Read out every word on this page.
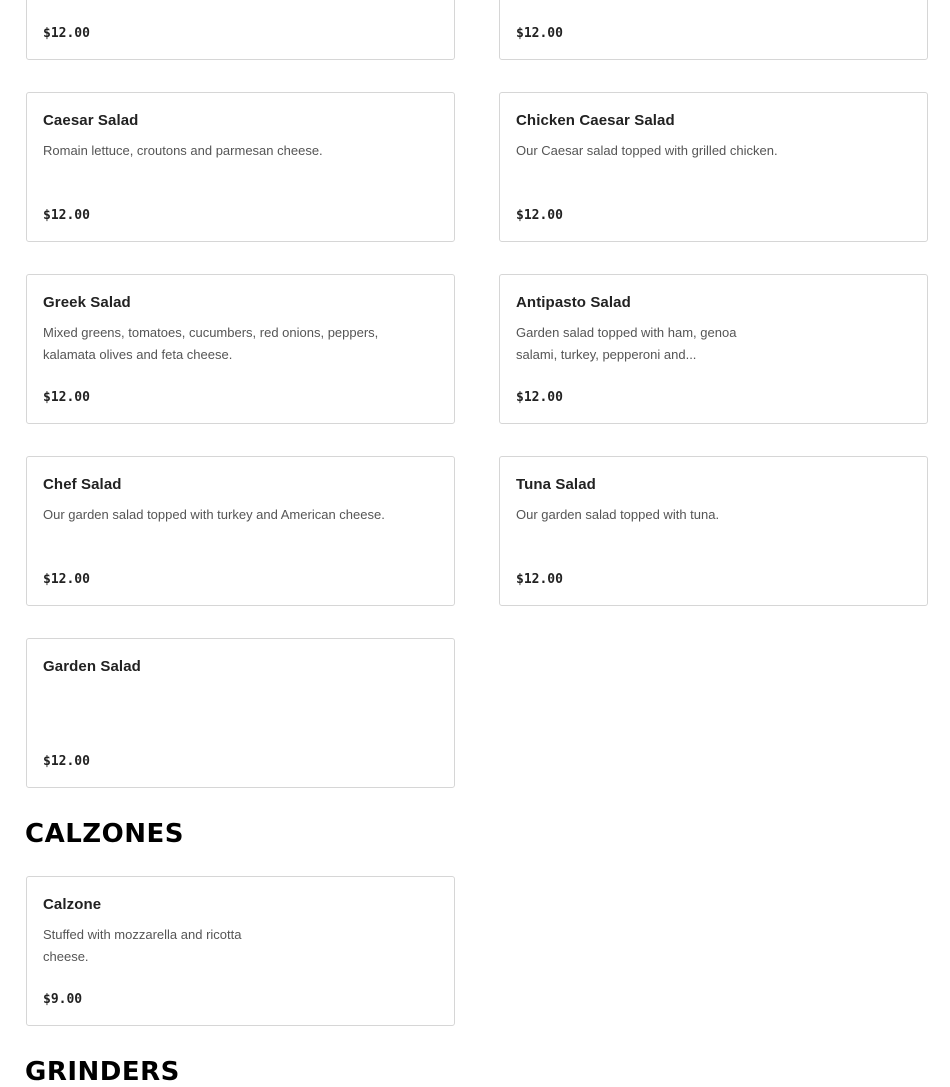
$12.00	$12.00
Caesar Salad
Romain lettuce, croutons and parmesan cheese.
$12.00
Chicken Caesar Salad
Our Caesar salad topped with grilled chicken.
$12.00
Greek Salad
Mixed greens, tomatoes, cucumbers, red onions, peppers, kalamata olives and feta cheese.
$12.00
Antipasto Salad
Garden salad topped with ham, genoa salami, turkey, pepperoni and...
$12.00
Chef Salad
Our garden salad topped with turkey and American cheese.
$12.00
Tuna Salad
Our garden salad topped with tuna.
$12.00
Garden Salad
$12.00
CALZONES
Calzone
Stuffed with mozzarella and ricotta cheese.
$9.00
GRINDERS
